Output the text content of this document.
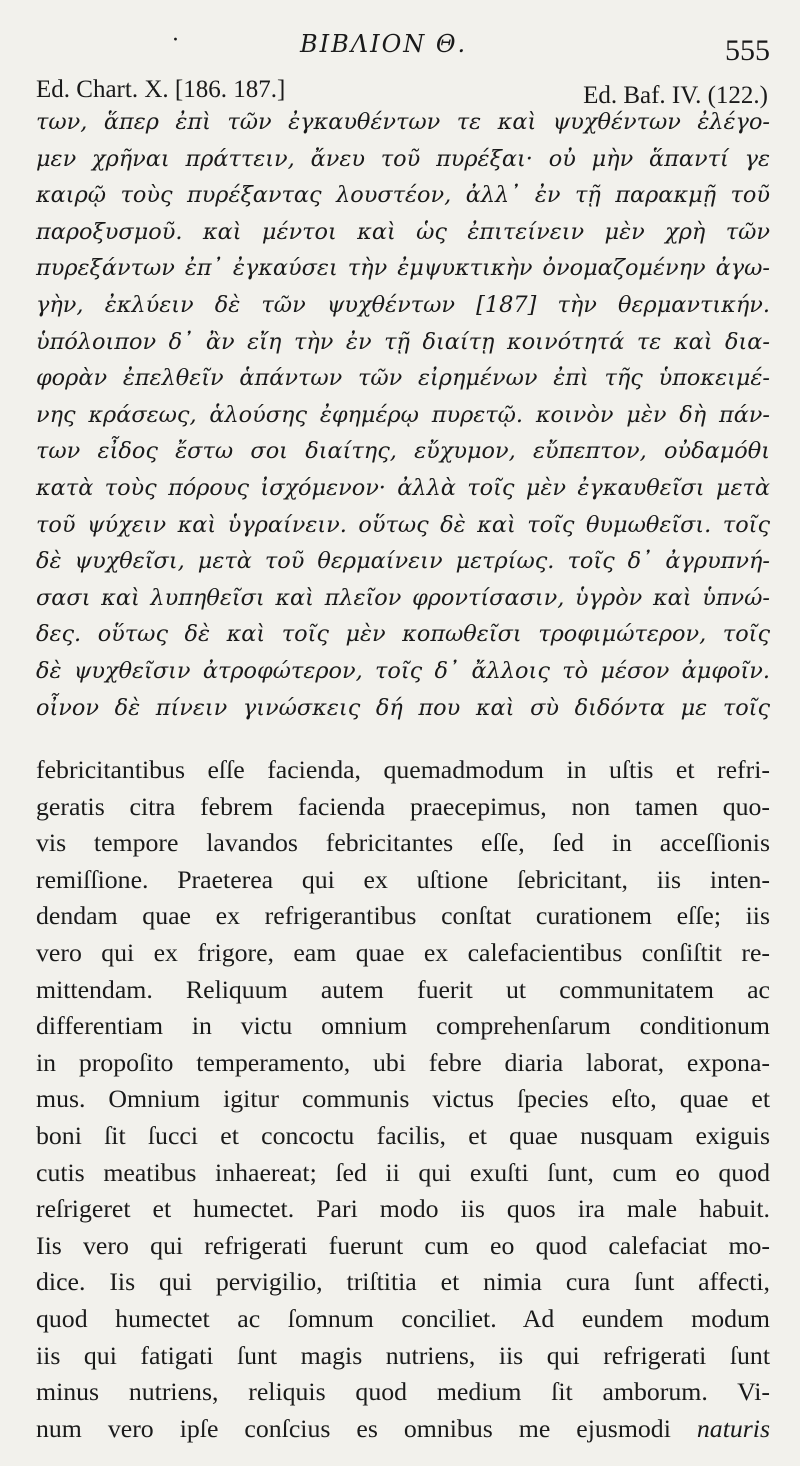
·	ΒΙΒΛΙΟΝ Θ.	555
Ed. Chart. X. [186. 187.]	Ed. Baf. IV. (122.)
των, ἅπερ ἐπὶ τῶν ἐγκαυθέντων τε καὶ ψυχθέντων ἐλέγο-
μεν χρῆναι πράττειν, ἄνευ τοῦ πυρέξαι· οὐ μὴν ἅπαντί γε
καιρῷ τοὺς πυρέξαντας λουστέον, ἀλλ᾽ ἐν τῇ παρακμῇ τοῦ
παροξυσμοῦ. καὶ μέντοι καὶ ὡς ἐπιτείνειν μὲν χρὴ τῶν
πυρεξάντων ἐπ᾽ ἐγκαύσει τὴν ἐμψυκτικὴν ὀνομαζομένην ἀγω-
γὴν, ἐκλύειν δὲ τῶν ψυχθέντων [187] τὴν θερμαντικήν.
ὑπόλοιπον δ᾽ ἂν εἴη τὴν ἐν τῇ διαίτῃ κοινότητά τε καὶ δια-
φορὰν ἐπελθεῖν ἁπάντων τῶν εἰρημένων ἐπὶ τῆς ὑποκειμέ-
νης κράσεως, ἁλούσης ἐφημέρῳ πυρετῷ. κοινὸν μὲν δὴ πάν-
των εἶδος ἔστω σοι διαίτης, εὔχυμον, εὔπεπτον, οὐδαμόθι
κατὰ τοὺς πόρους ἰσχόμενον· ἀλλὰ τοῖς μὲν ἐγκαυθεῖσι μετὰ
τοῦ ψύχειν καὶ ὑγραίνειν. οὕτως δὲ καὶ τοῖς θυμωθεῖσι. τοῖς
δὲ ψυχθεῖσι, μετὰ τοῦ θερμαίνειν μετρίως. τοῖς δ᾽ ἀγρυπνή-
σασι καὶ λυπηθεῖσι καὶ πλεῖον φροντίσασιν, ὑγρὸν καὶ ὑπνώ-
δες. οὕτως δὲ καὶ τοῖς μὲν κοπωθεῖσι τροφιμώτερον, τοῖς
δὲ ψυχθεῖσιν ἀτροφώτερον, τοῖς δ᾽ ἄλλοις τὸ μέσον ἀμφοῖν.
οἶνον δὲ πίνειν γινώσκεις δή που καὶ σὺ διδόντα με τοῖς
febricitantibus eſſe facienda, quemadmodum in uſtis et refri-
geratis citra febrem facienda praecepimus, non tamen quo-
vis tempore lavandos febricitantes eſſe, ſed in acceſſionis
remiſſione. Praeterea qui ex uſtione ſebricitant, iis inten-
dendam quae ex refrigerantibus conſtat curationem eſſe; iis
vero qui ex frigore, eam quae ex calefacientibus conſiſtit re-
mittendam. Reliquum autem fuerit ut communitatem ac
differentiam in victu omnium comprehenſarum conditionum
in propoſito temperamento, ubi febre diaria laborat, expona-
mus. Omnium igitur communis victus ſpecies eſto, quae et
boni ſit ſucci et concoctu facilis, et quae nusquam exiguis
cutis meatibus inhaereat; ſed ii qui exuſti ſunt, cum eo quod
reſrigeret et humectet. Pari modo iis quos ira male habuit.
Iis vero qui refrigerati fuerunt cum eo quod calefaciat mo-
dice. Iis qui pervigilio, triſtitia et nimia cura ſunt affecti,
quod humectet ac ſomnum conciliet. Ad eundem modum
iis qui fatigati ſunt magis nutriens, iis qui refrigerati ſunt
minus nutriens, reliquis quod medium ſit amborum. Vi-
num vero ipſe conſcius es omnibus me ejusmodi naturis
